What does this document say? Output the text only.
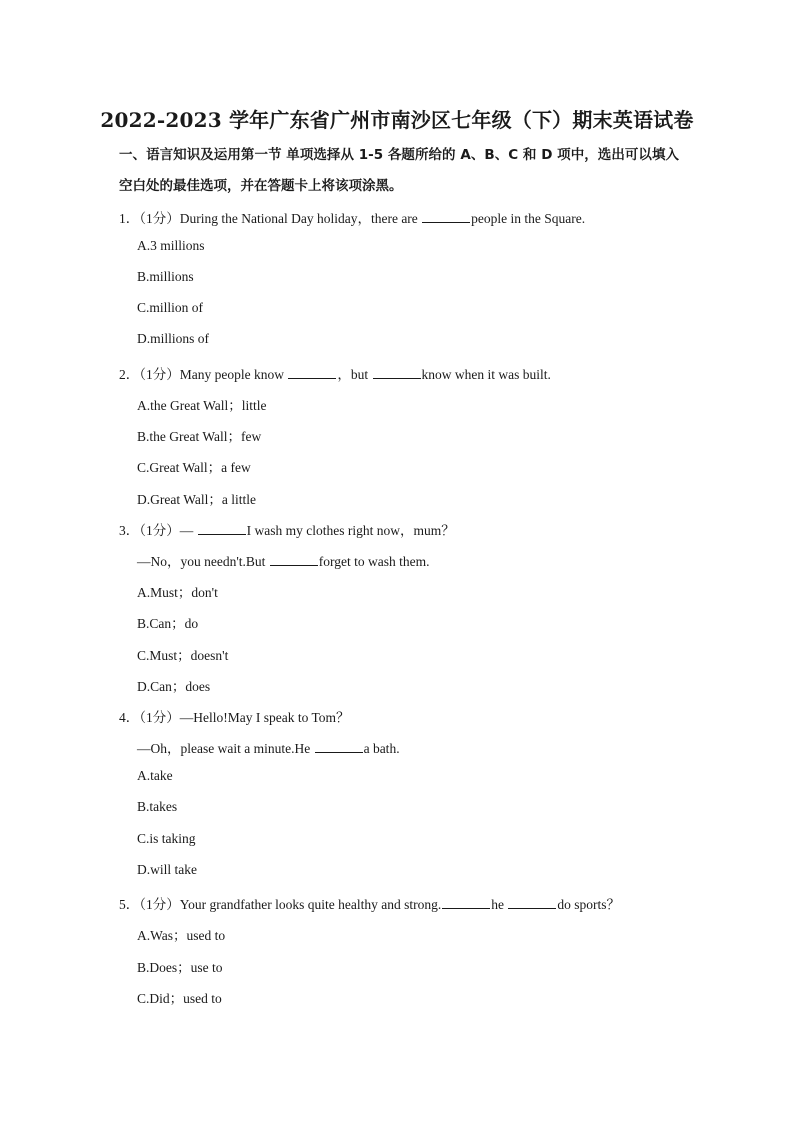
2022-2023 学年广东省广州市南沙区七年级（下）期末英语试卷
一、语言知识及运用第一节 单项选择从 1-5 各题所给的 A、B、C 和 D 项中，选出可以填入空白处的最佳选项，并在答题卡上将该项涂黑。
1．（1分）During the National Day holiday，there are	people in the Square.
A.3 millions
B.millions
C.million of
D.millions of
2．（1分）Many people know	，but	know when it was built.
A.the Great Wall；little
B.the Great Wall；few
C.Great Wall；a few
D.Great Wall；a little
3．（1分）—	I wash my clothes right now，mum？
—No，you needn't.But	forget to wash them.
A.Must；don't
B.Can；do
C.Must；doesn't
D.Can；does
4．（1分）—Hello!May I speak to Tom？
—Oh，please wait a minute.He	a bath.
A.take
B.takes
C.is taking
D.will take
5．（1分）Your grandfather looks quite healthy and strong.	he	do sports？
A.Was；used to
B.Does；use to
C.Did；used to
